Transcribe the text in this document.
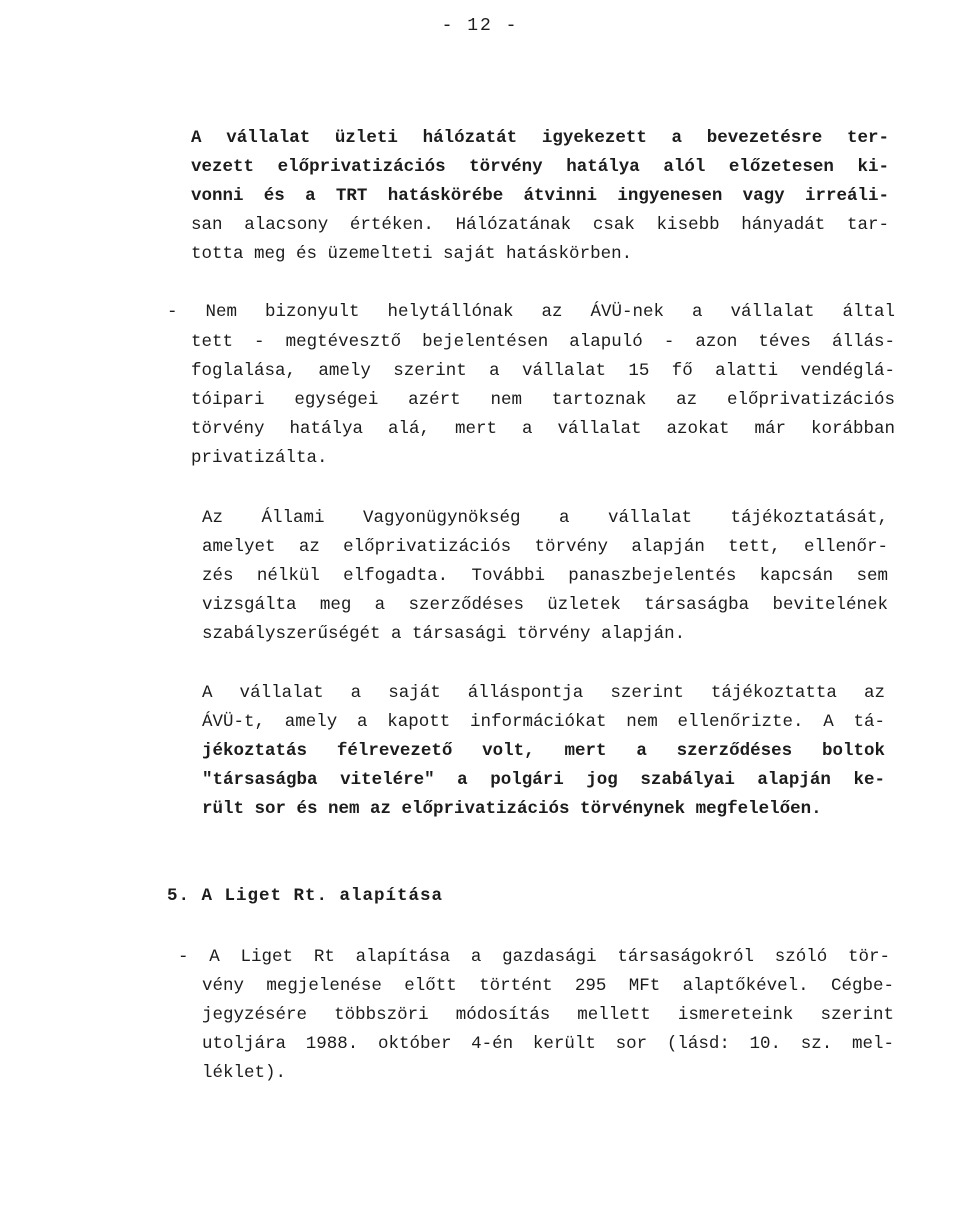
- 12 -
A vállalat üzleti hálózatát igyekezett a bevezetésre ter-
vezett előprivatizációs törvény hatálya alól előzetesen ki-
vonni és a TRT hatáskörébe átvinni ingyenesen vagy irreáli-
san alacsony értéken. Hálózatának csak kisebb hányadát tar-
totta meg és üzemelteti saját hatáskörben.
- Nem bizonyult helytállónak az ÁVÜ-nek a vállalat által
tett - megtévesztő bejelentésen alapuló - azon téves állás-
foglalása, amely szerint a vállalat 15 fő alatti vendéglá-
tóipari egységei azért nem tartoznak az előprivatizációs
törvény hatálya alá, mert a vállalat azokat már korábban
privatizálta.
Az Állami Vagyonügynökség a vállalat tájékoztatását,
amelyet az előprivatizációs törvény alapján tett, ellenőr-
zés nélkül elfogadta. További panaszbejelentés kapcsán sem
vizsgálta meg a szerződéses üzletek társaságba bevitelének
szabályszerűségét a társasági törvény alapján.
A vállalat a saját álláspontja szerint tájékoztatta az
ÁVÜ-t, amely a kapott információkat nem ellenőrizte. A tá-
jékoztatás félrevezető volt, mert a szerződéses boltok
"társaságba vitelére" a polgári jog szabályai alapján ke-
rült sor és nem az előprivatizációs törvénynek megfelelően.
5. A Liget Rt. alapítása
- A Liget Rt alapítása a gazdasági társaságokról szóló tör-
vény megjelenése előtt történt 295 MFt alaptőkével. Cégbe-
jegyzésére többszöri módosítás mellett ismereteink szerint
utoljára 1988. október 4-én került sor (lásd: 10. sz. mel-
léklet).
